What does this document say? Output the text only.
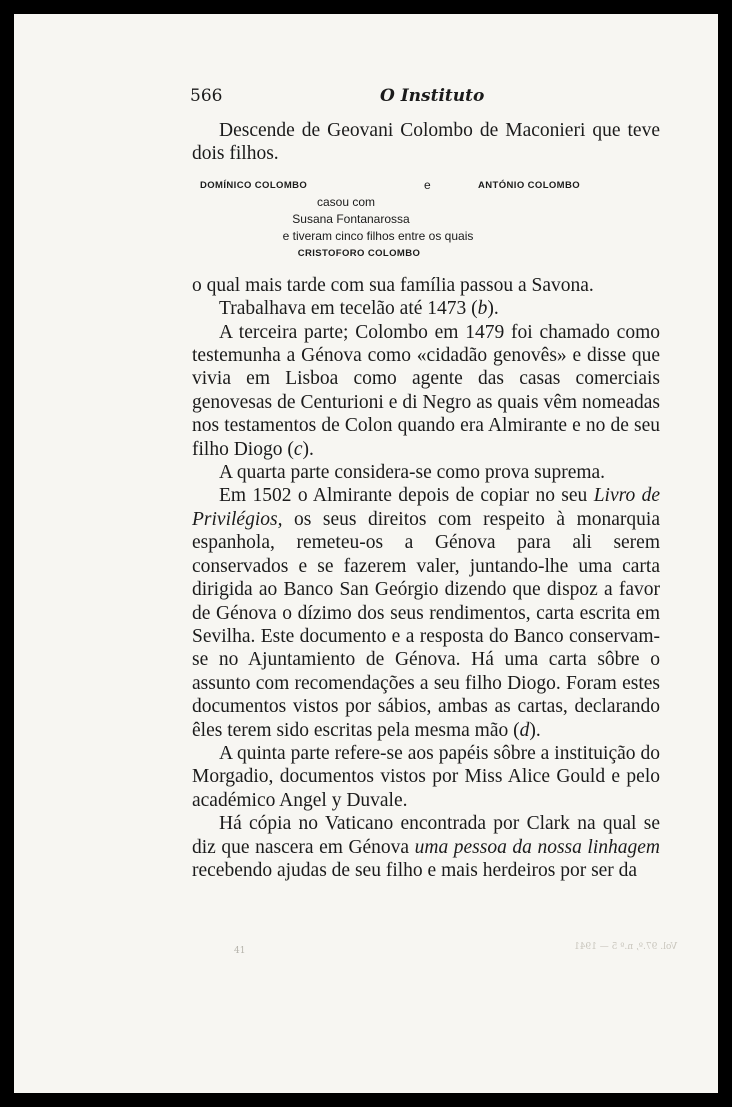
566	O Instituto

Descende de Geovani Colombo de Maconieri que teve dois filhos.

DOMÍNICO COLOMBO	e	ANTÓNIO COLOMBO
casou com
Susana Fontanarossa
e tiveram cinco filhos entre os quais
CRISTOFORO COLOMBO

o qual mais tarde com sua família passou a Savona.

Trabalhava em tecelão até 1473 (b).

A terceira parte; Colombo em 1479 foi chamado como testemunha a Génova como «cidadão genovês» e disse que vivia em Lisboa como agente das casas comerciais genovesas de Centurioni e di Negro as quais vêm nomeadas nos testamentos de Colon quando era Almirante e no de seu filho Diogo (c).

A quarta parte considera-se como prova suprema.

Em 1502 o Almirante depois de copiar no seu Livro de Privilégios, os seus direitos com respeito à monarquia espanhola, remeteu-os a Génova para ali serem conservados e se fazerem valer, juntando-lhe uma carta dirigida ao Banco San Geórgio dizendo que dispoz a favor de Génova o dízimo dos seus rendimentos, carta escrita em Sevilha. Este documento e a resposta do Banco conservam-se no Ajuntamiento de Génova. Há uma carta sôbre o assunto com recomendações a seu filho Diogo. Foram estes documentos vistos por sábios, ambas as cartas, declarando êles terem sido escritas pela mesma mão (d).

A quinta parte refere-se aos papéis sôbre a instituição do Morgadio, documentos vistos por Miss Alice Gould e pelo académico Angel y Duvale.

Há cópia no Vaticano encontrada por Clark na qual se diz que nascera em Génova uma pessoa da nossa linhagem recebendo ajudas de seu filho e mais herdeiros por ser da

41	Vol. 97.º, n.º 5 — 1941
